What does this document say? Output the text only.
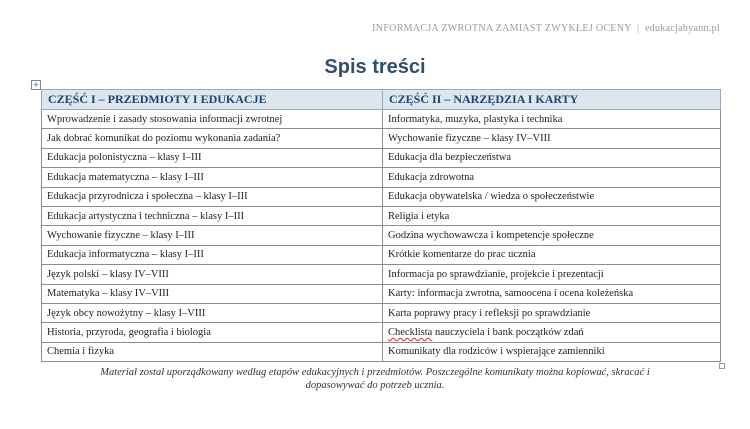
INFORMACJA ZWROTNA ZAMIAST ZWYKŁEJ OCENY | edukacjabyann.pl
Spis treści
+
CZĘŚĆ I – PRZEDMIOTY I EDUKACJE	CZĘŚĆ II – NARZĘDZIA I KARTY
Wprowadzenie i zasady stosowania informacji zwrotnej	Informatyka, muzyka, plastyka i technika
Jak dobrać komunikat do poziomu wykonania zadania?	Wychowanie fizyczne – klasy IV–VIII
Edukacja polonistyczna – klasy I–III	Edukacja dla bezpieczeństwa
Edukacja matematyczna – klasy I–III	Edukacja zdrowotna
Edukacja przyrodnicza i społeczna – klasy I–III	Edukacja obywatelska / wiedza o społeczeństwie
Edukacja artystyczna i techniczna – klasy I–III	Religia i etyka
Wychowanie fizyczne – klasy I–III	Godzina wychowawcza i kompetencje społeczne
Edukacja informatyczna – klasy I–III	Krótkie komentarze do prac ucznia
Język polski – klasy IV–VIII	Informacja po sprawdzianie, projekcie i prezentacji
Matematyka – klasy IV–VIII	Karty: informacja zwrotna, samoocena i ocena koleżeńska
Język obcy nowożytny – klasy I–VIII	Karta poprawy pracy i refleksji po sprawdzianie
Historia, przyroda, geografia i biologia	Checklista nauczyciela i bank początków zdań
Chemia i fizyka	Komunikaty dla rodziców i wspierające zamienniki
Materiał został uporządkowany według etapów edukacyjnych i przedmiotów. Poszczególne komunikaty można kopiować, skracać i
dopasowywać do potrzeb ucznia.
